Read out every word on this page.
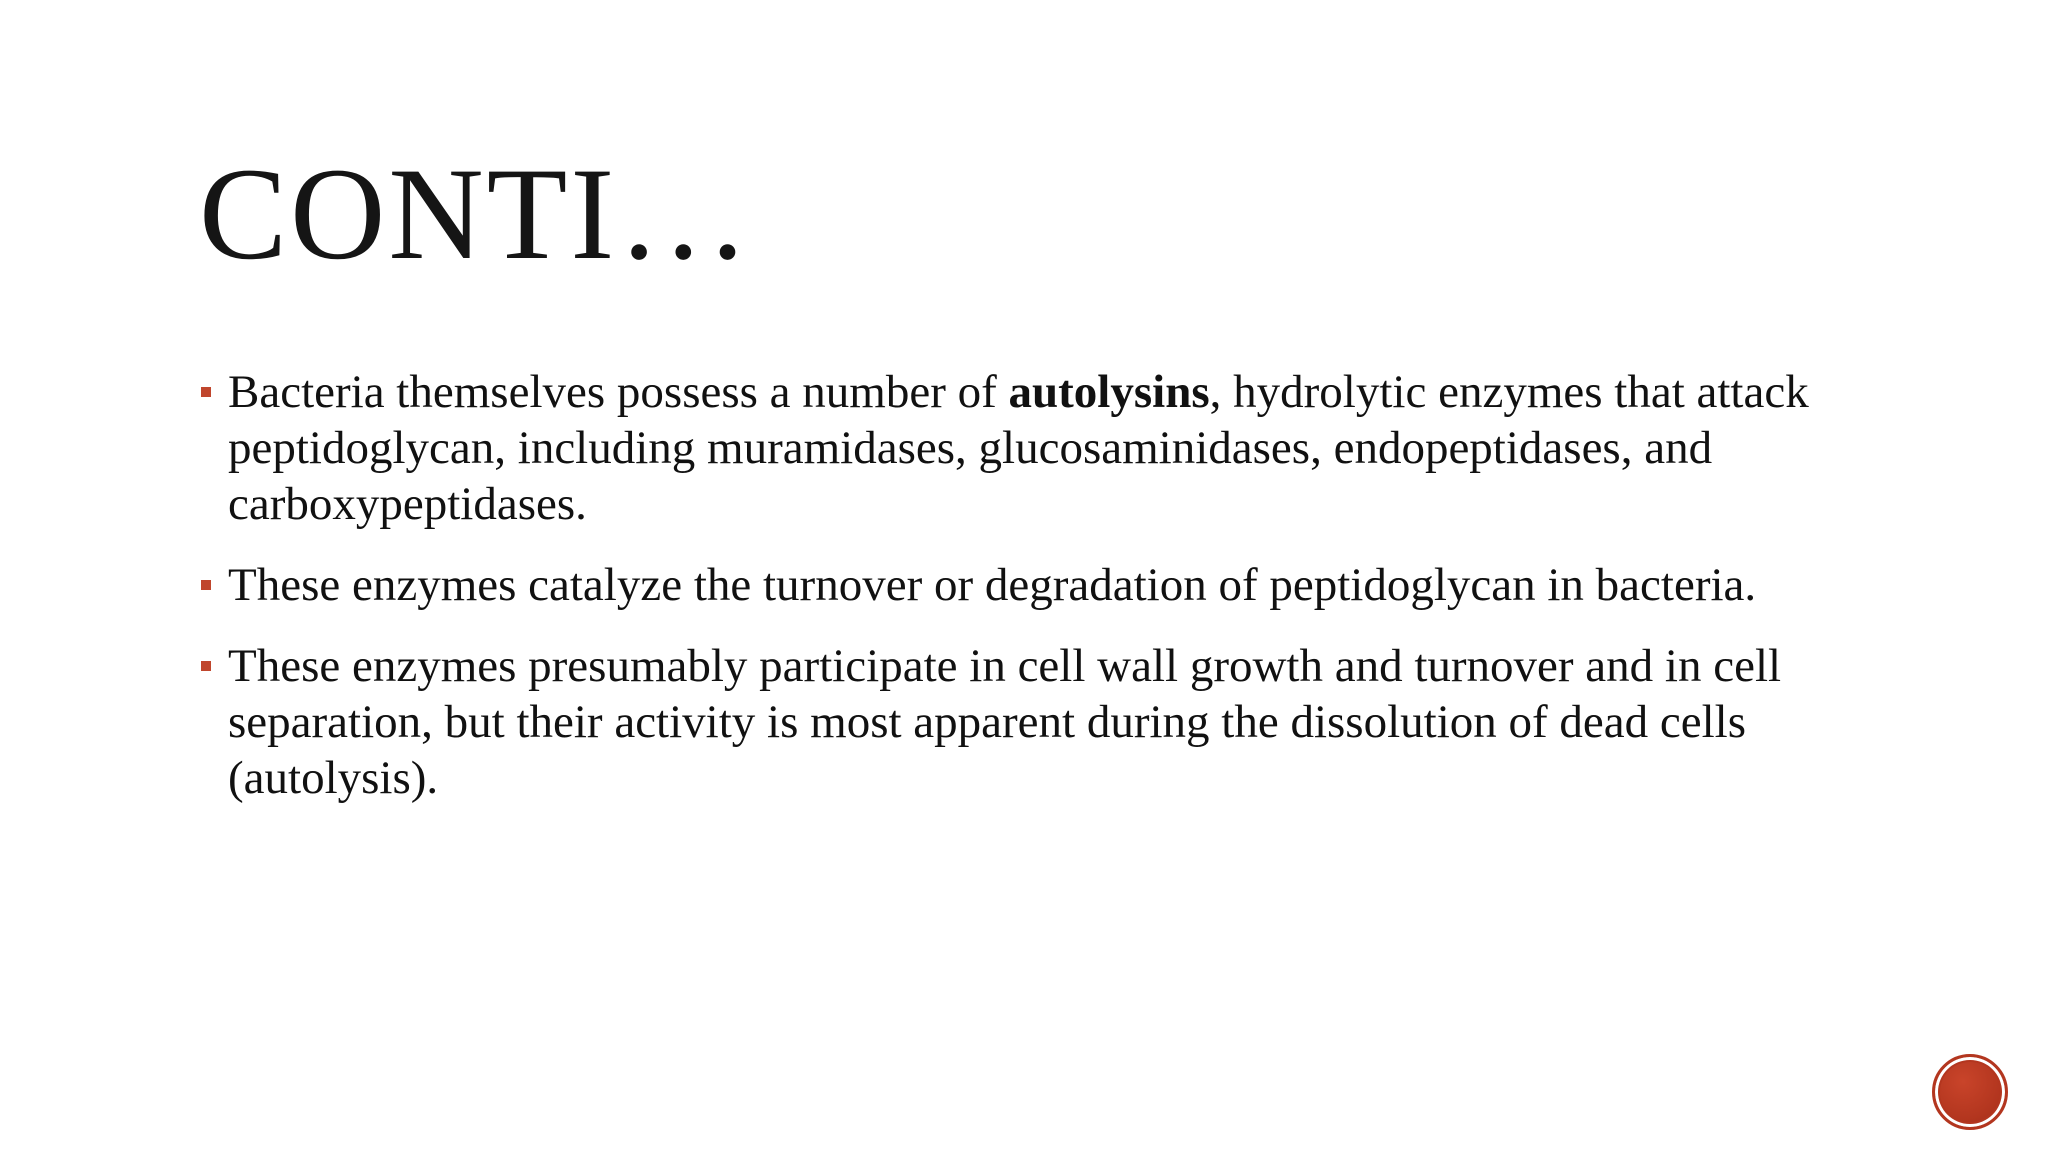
CONTI…
Bacteria themselves possess a number of autolysins, hydrolytic enzymes that attack peptidoglycan, including muramidases, glucosaminidases, endopeptidases, and carboxypeptidases.
These enzymes catalyze the turnover or degradation of peptidoglycan in bacteria.
These enzymes presumably participate in cell wall growth and turnover and in cell separation, but their activity is most apparent during the dissolution of dead cells (autolysis).
